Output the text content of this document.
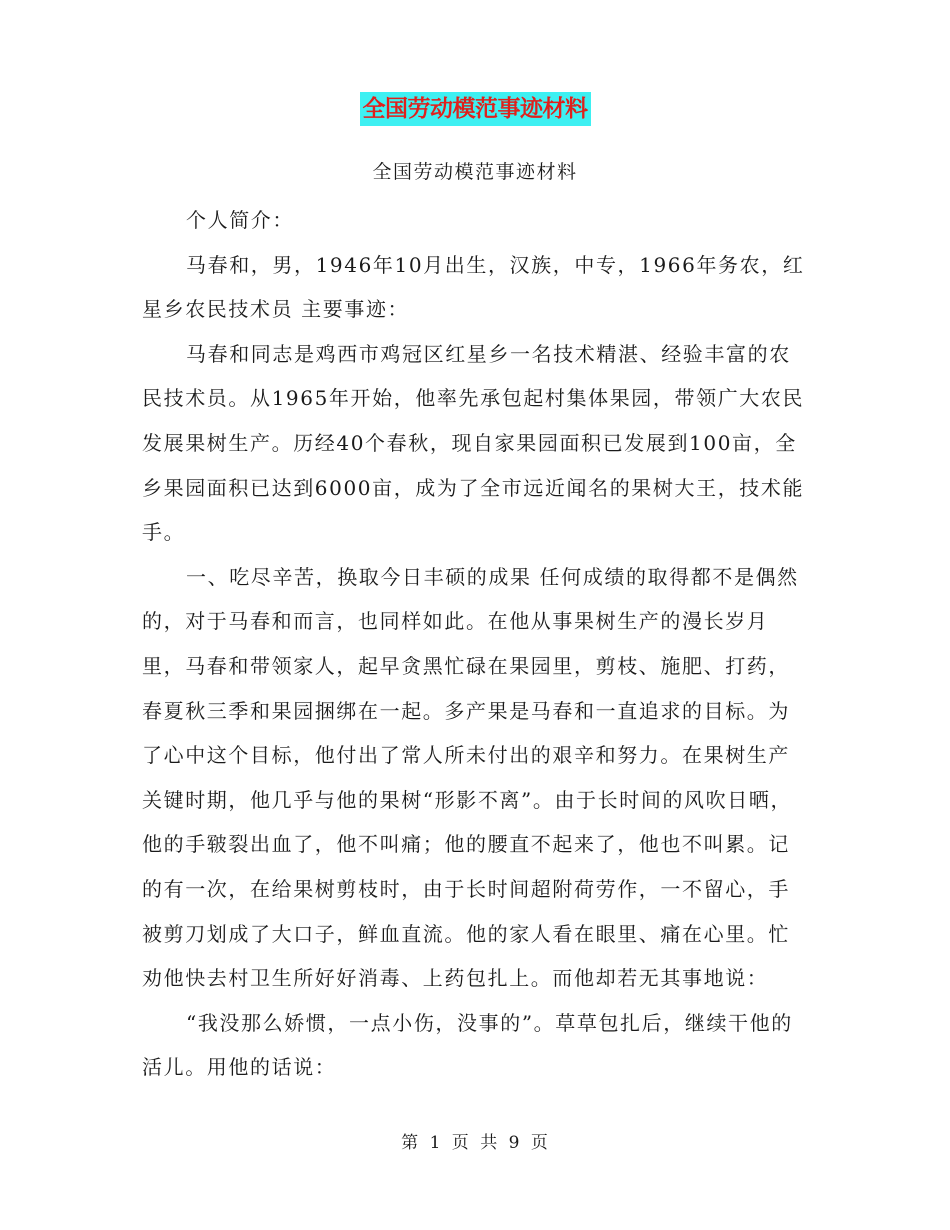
全国劳动模范事迹材料
全国劳动模范事迹材料

个人简介：

马春和，男，1946年10月出生，汉族，中专，1966年务农，红星乡农民技术员 主要事迹：

马春和同志是鸡西市鸡冠区红星乡一名技术精湛、经验丰富的农民技术员。从1965年开始，他率先承包起村集体果园，带领广大农民发展果树生产。历经40个春秋，现自家果园面积已发展到100亩，全乡果园面积已达到6000亩，成为了全市远近闻名的果树大王，技术能手。

一、吃尽辛苦，换取今日丰硕的成果 任何成绩的取得都不是偶然的，对于马春和而言，也同样如此。在他从事果树生产的漫长岁月里，马春和带领家人，起早贪黑忙碌在果园里，剪枝、施肥、打药，春夏秋三季和果园捆绑在一起。多产果是马春和一直追求的目标。为了心中这个目标，他付出了常人所未付出的艰辛和努力。在果树生产关键时期，他几乎与他的果树“形影不离”。由于长时间的风吹日晒，他的手皲裂出血了，他不叫痛；他的腰直不起来了，他也不叫累。记的有一次，在给果树剪枝时，由于长时间超附荷劳作，一不留心，手被剪刀划成了大口子，鲜血直流。他的家人看在眼里、痛在心里。忙劝他快去村卫生所好好消毒、上药包扎上。而他却若无其事地说：

“我没那么娇惯，一点小伤，没事的”。草草包扎后，继续干他的活儿。用他的话说：

第 1 页 共 9 页
